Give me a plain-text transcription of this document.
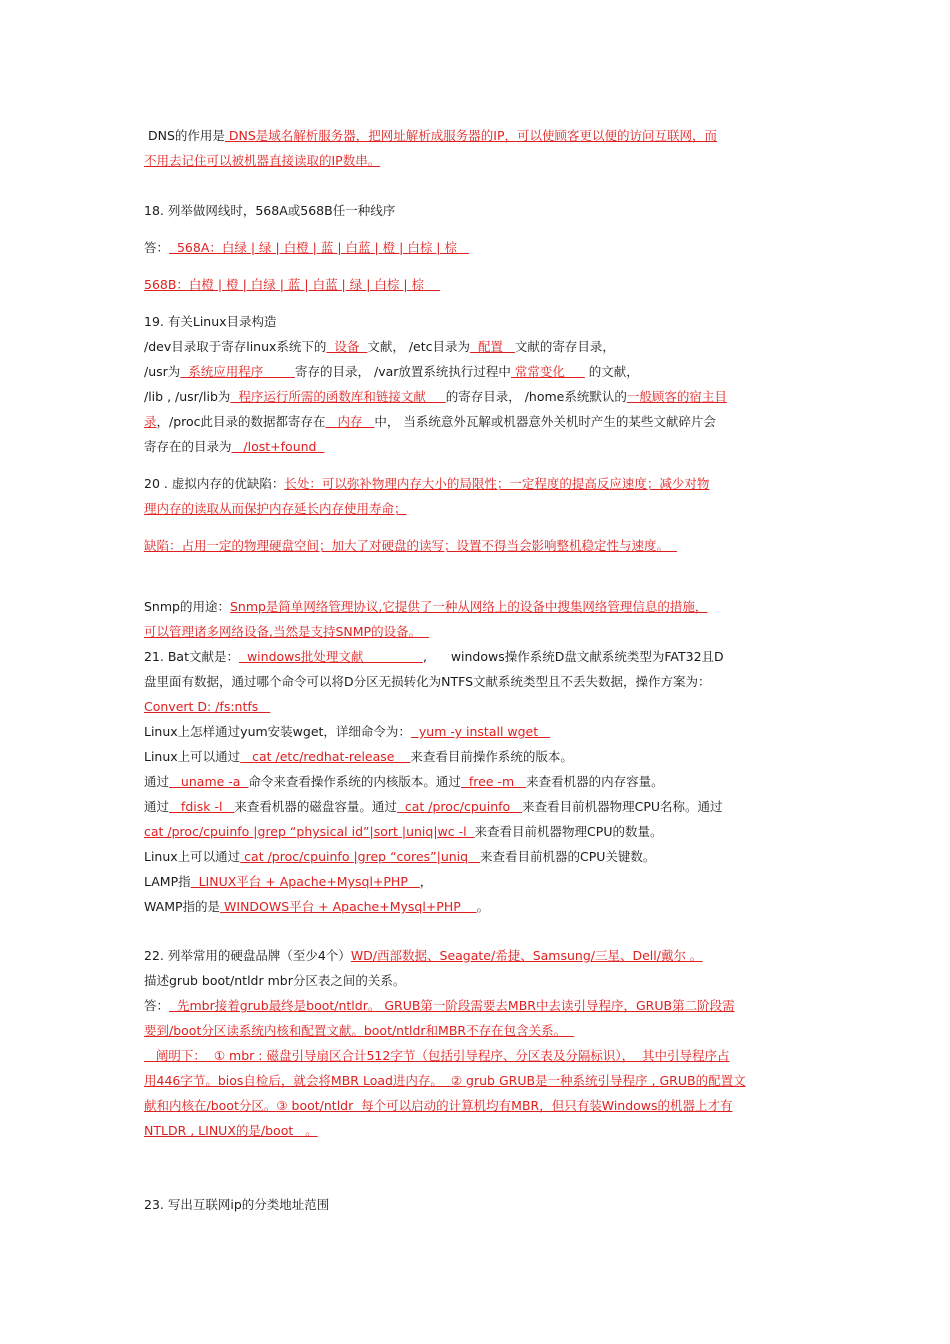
DNS的作用是 DNS是域名解析服务器，把网址解析成服务器的IP，可以使顾客更以便的访问互联网，而
不用去记住可以被机器直接读取的IP数串。
18. 列举做网线时，568A或568B任一种线序
答：  568A：白绿 | 绿 | 白橙 | 蓝 | 白蓝 | 橙 | 白棕 | 棕
568B：白橙 | 橙 | 白绿 | 蓝 | 白蓝 | 绿 | 白棕 | 棕
19. 有关Linux目录构造
/dev目录取于寄存linux系统下的  设备  文献， /etc目录为  配置   文献的寄存目录，
/usr为  系统应用程序        寄存的目录， /var放置系统执行过程中 常常变化      的文献，
/lib , /usr/lib为  程序运行所需的函数库和链接文献     的寄存目录， /home系统默认的一般顾客的宿主目
录，/proc此目录的数据都寄存在   内存   中， 当系统意外瓦解或机器意外关机时产生的某些文献碎片会
寄存在的目录为   /lost+found
20 . 虚拟内存的优缺陷：长处：可以弥补物理内存大小的局限性；一定程度的提高反应速度；减少对物
理内存的读取从而保护内存延长内存使用寿命；
缺陷：占用一定的物理硬盘空间；加大了对硬盘的读写；设置不得当会影响整机稳定性与速度。
Snmp的用途：Snmp是简单网络管理协议,它提供了一种从网络上的设备中搜集网络管理信息的措施，
可以管理诸多网络设备,当然是支持SNMP的设备。
21. Bat文献是：  windows批处理文献               ,      windows操作系统D盘文献系统类型为FAT32且D
盘里面有数据，通过哪个命令可以将D分区无损转化为NTFS文献系统类型且不丢失数据，操作方案为：
Convert D: /fs:ntfs
Linux上怎样通过yum安装wget，详细命令为：  yum -y install wget
Linux上可以通过   cat /etc/redhat-release    来查看目前操作系统的版本。
通过   uname -a  命令来查看操作系统的内核版本。通过  free -m   来查看机器的内存容量。
通过   fdisk -l   来查看机器的磁盘容量。通过  cat /proc/cpuinfo   来查看目前机器物理CPU名称。通过
cat /proc/cpuinfo |grep “physical id”|sort |uniq|wc -l  来查看目前机器物理CPU的数量。
Linux上可以通过 cat /proc/cpuinfo |grep “cores”|uniq   来查看目前机器的CPU关键数。
LAMP指  LINUX平台 + Apache+Mysql+PHP   ，
WAMP指的是 WINDOWS平台 + Apache+Mysql+PHP    。
22. 列举常用的硬盘品牌（至少4个）WD/西部数据、Seagate/希捷、Samsung/三星、Dell/戴尔 。
描述grub boot/ntldr mbr分区表之间的关系。
答：  先mbr接着grub最终是boot/ntldr。 GRUB第一阶段需要去MBR中去读引导程序，GRUB第二阶段需
要到/boot分区读系统内核和配置文献。boot/ntldr和MBR不存在包含关系。
阐明下：  ① mbr : 磁盘引导扇区合计512字节（包括引导程序、分区表及分隔标识），  其中引导程序占
用446字节。bios自检后，就会将MBR Load进内存。  ② grub GRUB是一种系统引导程序 , GRUB的配置文
献和内核在/boot分区。③ boot/ntldr  每个可以启动的计算机均有MBR，但只有装Windows的机器上才有
NTLDR , LINUX的是/boot   。
23. 写出互联网ip的分类地址范围
